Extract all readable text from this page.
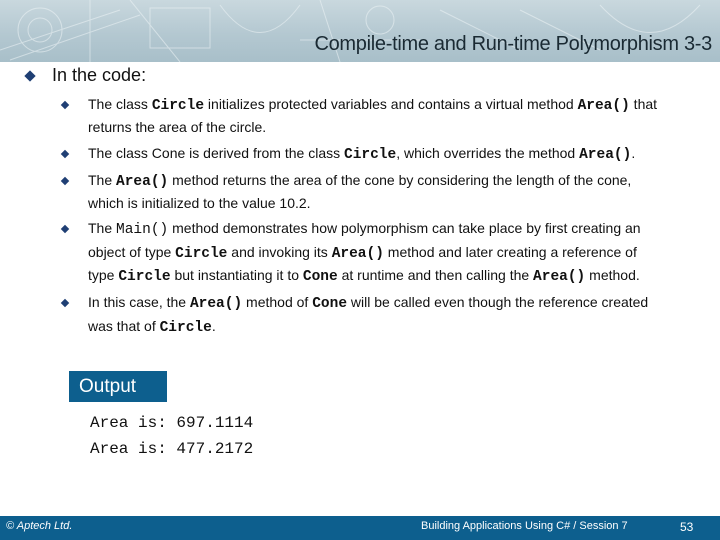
Compile-time and Run-time Polymorphism 3-3
In the code:
The class Circle initializes protected variables and contains a virtual method Area() that returns the area of the circle.
The class Cone is derived from the class Circle, which overrides the method Area().
The Area() method returns the area of the cone by considering the length of the cone, which is initialized to the value 10.2.
The Main() method demonstrates how polymorphism can take place by first creating an object of type Circle and invoking its Area() method and later creating a reference of type Circle but instantiating it to Cone at runtime and then calling the Area() method.
In this case, the Area() method of Cone will be called even though the reference created was that of Circle.
Output
Area is: 697.1114
Area is: 477.2172
© Aptech Ltd.	Building Applications Using C# / Session 7	53
